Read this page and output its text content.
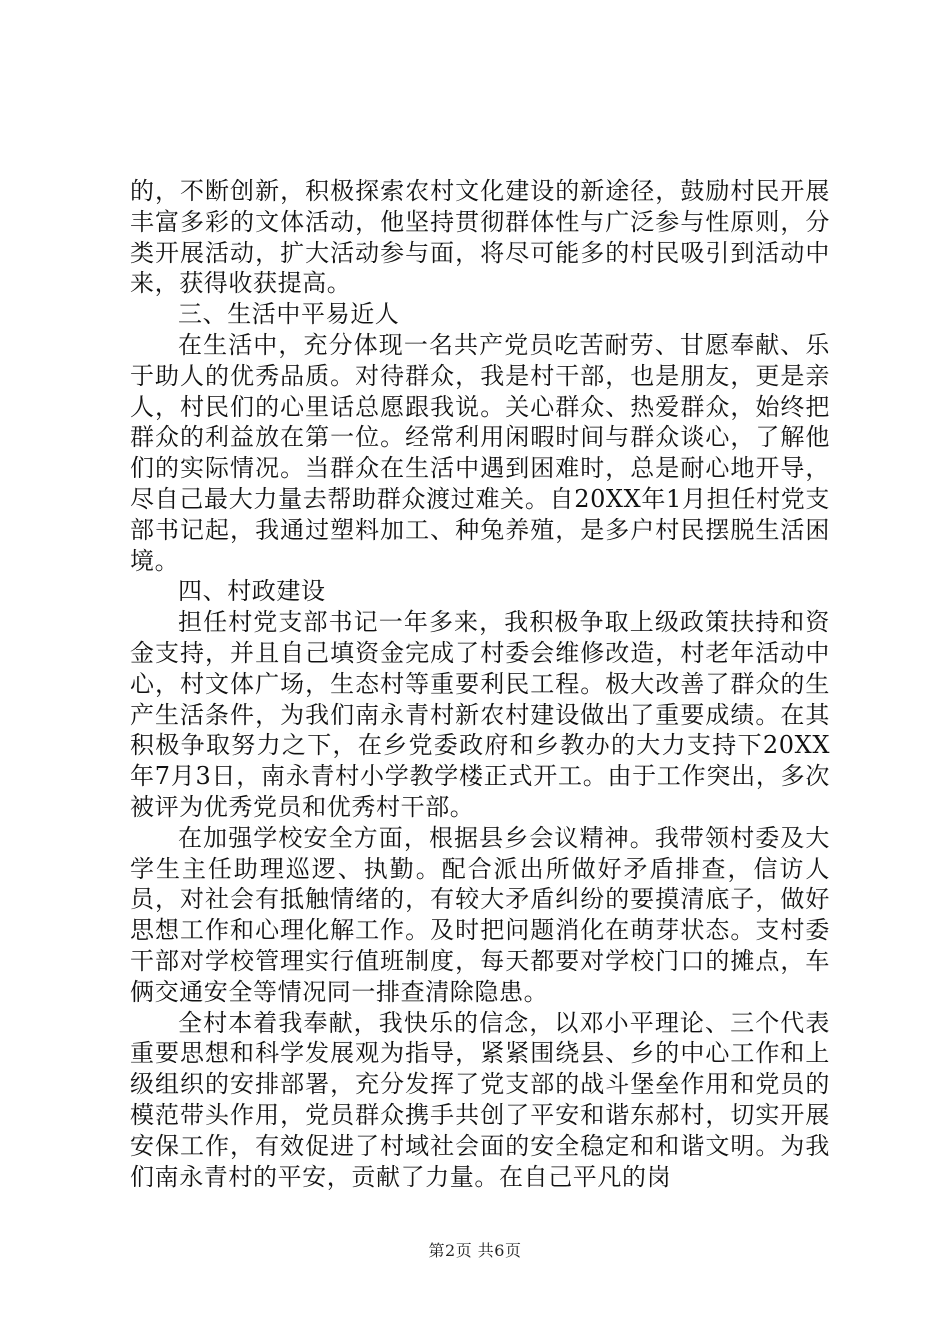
的，不断创新，积极探索农村文化建设的新途径，鼓励村民开展丰富多彩的文体活动，他坚持贯彻群体性与广泛参与性原则，分类开展活动，扩大活动参与面，将尽可能多的村民吸引到活动中来，获得收获提高。

三、生活中平易近人

在生活中，充分体现一名共产党员吃苦耐劳、甘愿奉献、乐于助人的优秀品质。对待群众，我是村干部，也是朋友，更是亲人，村民们的心里话总愿跟我说。关心群众、热爱群众，始终把群众的利益放在第一位。经常利用闲暇时间与群众谈心，了解他们的实际情况。当群众在生活中遇到困难时，总是耐心地开导，尽自己最大力量去帮助群众渡过难关。自20XX年1月担任村党支部书记起，我通过塑料加工、种兔养殖，是多户村民摆脱生活困境。

四、村政建设

担任村党支部书记一年多来，我积极争取上级政策扶持和资金支持，并且自己填资金完成了村委会维修改造，村老年活动中心，村文体广场，生态村等重要利民工程。极大改善了群众的生产生活条件，为我们南永青村新农村建设做出了重要成绩。在其积极争取努力之下，在乡党委政府和乡教办的大力支持下20XX年7月3日，南永青村小学教学楼正式开工。由于工作突出，多次被评为优秀党员和优秀村干部。

在加强学校安全方面，根据县乡会议精神。我带领村委及大学生主任助理巡逻、执勤。配合派出所做好矛盾排查，信访人员，对社会有抵触情绪的，有较大矛盾纠纷的要摸清底子，做好思想工作和心理化解工作。及时把问题消化在萌芽状态。支村委干部对学校管理实行值班制度，每天都要对学校门口的摊点，车俩交通安全等情况同一排查清除隐患。

全村本着我奉献，我快乐的信念，以邓小平理论、三个代表重要思想和科学发展观为指导，紧紧围绕县、乡的中心工作和上级组织的安排部署，充分发挥了党支部的战斗堡垒作用和党员的模范带头作用，党员群众携手共创了平安和谐东郝村，切实开展安保工作，有效促进了村域社会面的安全稳定和和谐文明。为我们南永青村的平安，贡献了力量。在自己平凡的岗

第2页 共6页
